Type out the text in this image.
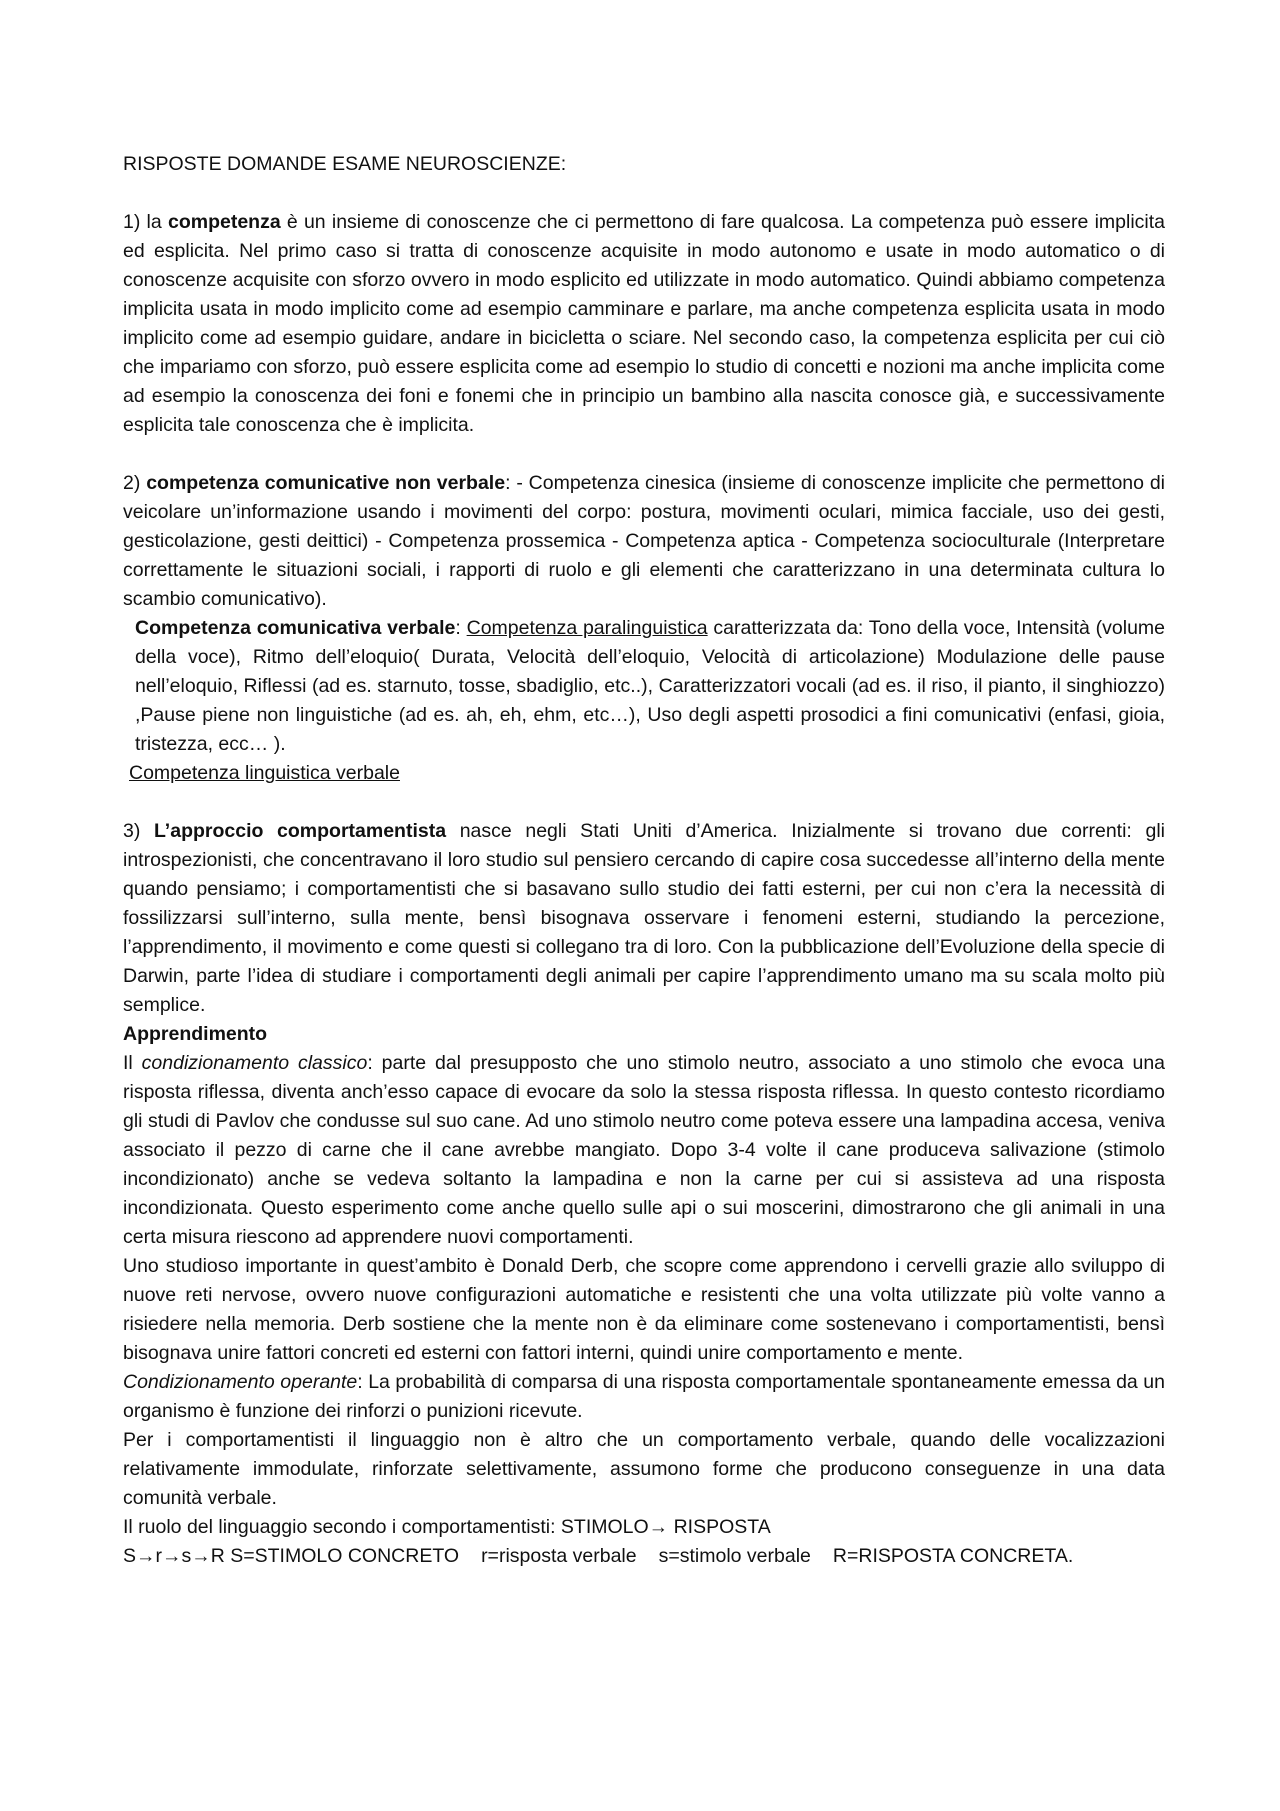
RISPOSTE DOMANDE ESAME NEUROSCIENZE:

1) la competenza è un insieme di conoscenze che ci permettono di fare qualcosa. La competenza può essere implicita ed esplicita. Nel primo caso si tratta di conoscenze acquisite in modo autonomo e usate in modo automatico o di conoscenze acquisite con sforzo ovvero in modo esplicito ed utilizzate in modo automatico. Quindi abbiamo competenza implicita usata in modo implicito come ad esempio camminare e parlare, ma anche competenza esplicita usata in modo implicito come ad esempio guidare, andare in bicicletta o sciare. Nel secondo caso, la competenza esplicita per cui ciò che impariamo con sforzo, può essere esplicita come ad esempio lo studio di concetti e nozioni ma anche implicita come ad esempio la conoscenza dei foni e fonemi che in principio un bambino alla nascita conosce già, e successivamente esplicita tale conoscenza che è implicita.

2) competenza comunicative non verbale: - Competenza cinesica (insieme di conoscenze implicite che permettono di veicolare un’informazione usando i movimenti del corpo: postura, movimenti oculari, mimica facciale, uso dei gesti, gesticolazione, gesti deittici) - Competenza prossemica - Competenza aptica - Competenza socioculturale (Interpretare correttamente le situazioni sociali, i rapporti di ruolo e gli elementi che caratterizzano in una determinata cultura lo scambio comunicativo).

Competenza comunicativa verbale: Competenza paralinguistica caratterizzata da: Tono della voce, Intensità (volume della voce), Ritmo dell’eloquio( Durata, Velocità dell’eloquio, Velocità di articolazione) Modulazione delle pause nell’eloquio, Riflessi (ad es. starnuto, tosse, sbadiglio, etc..), Caratterizzatori vocali (ad es. il riso, il pianto, il singhiozzo) ,Pause piene non linguistiche (ad es. ah, eh, ehm, etc…), Uso degli aspetti prosodici a fini comunicativi (enfasi, gioia, tristezza, ecc… ).

Competenza linguistica verbale

3) L’approccio comportamentista nasce negli Stati Uniti d’America. Inizialmente si trovano due correnti: gli introspezionisti, che concentravano il loro studio sul pensiero cercando di capire cosa succedesse all’interno della mente quando pensiamo; i comportamentisti che si basavano sullo studio dei fatti esterni, per cui non c’era la necessità di fossilizzarsi sull’interno, sulla mente, bensì bisognava osservare i fenomeni esterni, studiando la percezione, l’apprendimento, il movimento e come questi si collegano tra di loro. Con la pubblicazione dell’Evoluzione della specie di Darwin, parte l’idea di studiare i comportamenti degli animali per capire l’apprendimento umano ma su scala molto più semplice.

Apprendimento

Il condizionamento classico: parte dal presupposto che uno stimolo neutro, associato a uno stimolo che evoca una risposta riflessa, diventa anch’esso capace di evocare da solo la stessa risposta riflessa. In questo contesto ricordiamo gli studi di Pavlov che condusse sul suo cane. Ad uno stimolo neutro come poteva essere una lampadina accesa, veniva associato il pezzo di carne che il cane avrebbe mangiato. Dopo 3-4 volte il cane produceva salivazione (stimolo incondizionato) anche se vedeva soltanto la lampadina e non la carne per cui si assisteva ad una risposta incondizionata. Questo esperimento come anche quello sulle api o sui moscerini, dimostrarono che gli animali in una certa misura riescono ad apprendere nuovi comportamenti.

Uno studioso importante in quest’ambito è Donald Derb, che scopre come apprendono i cervelli grazie allo sviluppo di nuove reti nervose, ovvero nuove configurazioni automatiche e resistenti che una volta utilizzate più volte vanno a risiedere nella memoria. Derb sostiene che la mente non è da eliminare come sostenevano i comportamentisti, bensì bisognava unire fattori concreti ed esterni con fattori interni, quindi unire comportamento e mente.

Condizionamento operante: La probabilità di comparsa di una risposta comportamentale spontaneamente emessa da un organismo è funzione dei rinforzi o punizioni ricevute.

Per i comportamentisti il linguaggio non è altro che un comportamento verbale, quando delle vocalizzazioni relativamente immodulate, rinforzate selettivamente, assumono forme che producono conseguenze in una data comunità verbale.

Il ruolo del linguaggio secondo i comportamentisti: STIMOLO→ RISPOSTA

S→r→s→R S=STIMOLO CONCRETO r=risposta verbale s=stimolo verbale R=RISPOSTA CONCRETA.
